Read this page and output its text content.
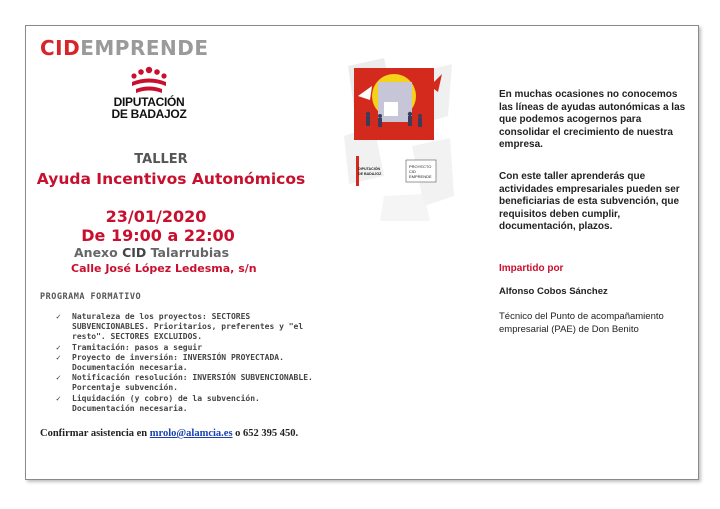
CIDEMPRENDE
DIPUTACIÓN
DE BADAJOZ
TALLER
Ayuda Incentivos Autonómicos
23/01/2020
De 19:00 a 22:00
Anexo CID Talarrubias
Calle José López Ledesma, s/n
PROGRAMA FORMATIVO
✓ Naturaleza de los proyectos: SECTORES SUBVENCIONABLES. Prioritarios, preferentes y "el resto". SECTORES EXCLUIDOS.
✓ Tramitación: pasos a seguir
✓ Proyecto de inversión: INVERSIÓN PROYECTADA. Documentación necesaria.
✓ Notificación resolución: INVERSIÓN SUBVENCIONABLE. Porcentaje subvención.
✓ Liquidación (y cobro) de la subvención. Documentación necesaria.
Confirmar asistencia en mrolo@alamcia.es o 652 395 450.
DIPUTACIÓN
DE BADAJOZ
PROYECTO
CID
EMPRENDE
En muchas ocasiones no conocemos las líneas de ayudas autonómicas a las que podemos acogernos para consolidar el crecimiento de nuestra empresa.
Con este taller aprenderás que actividades empresariales pueden ser beneficiarias de esta subvención, que requisitos deben cumplir, documentación, plazos.
Impartido por
Alfonso Cobos Sánchez
Técnico del Punto de acompañamiento empresarial (PAE) de Don Benito
